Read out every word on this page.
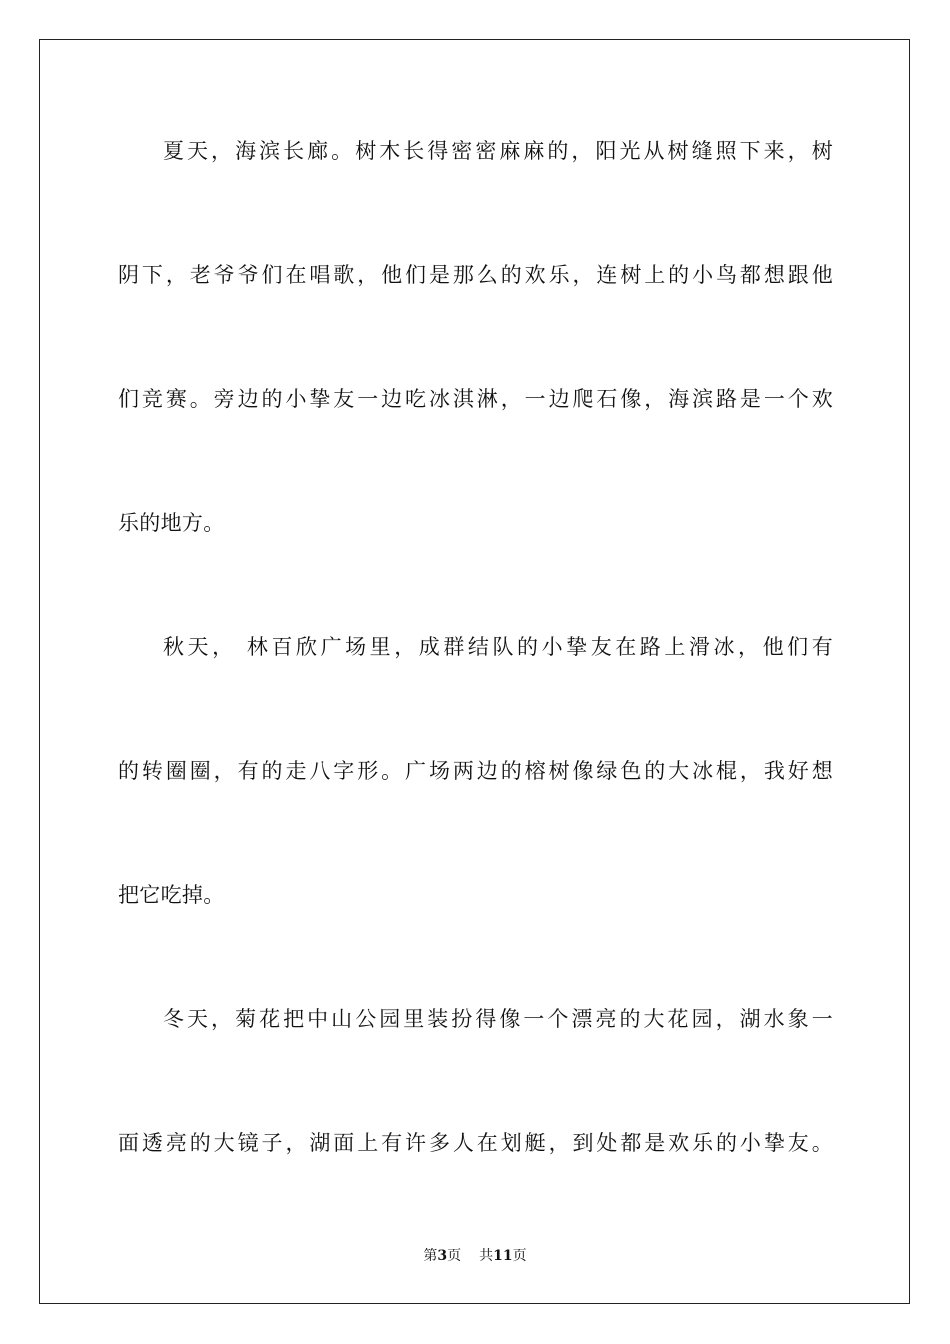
夏天，海滨长廊。树木长得密密麻麻的，阳光从树缝照下来，树
阴下，老爷爷们在唱歌，他们是那么的欢乐，连树上的小鸟都想跟他
们竞赛。旁边的小挚友一边吃冰淇淋，一边爬石像，海滨路是一个欢
乐的地方。
秋天， 林百欣广场里，成群结队的小挚友在路上滑冰，他们有
的转圈圈，有的走八字形。广场两边的榕树像绿色的大冰棍，我好想
把它吃掉。
冬天，菊花把中山公园里装扮得像一个漂亮的大花园，湖水象一
面透亮的大镜子，湖面上有许多人在划艇，到处都是欢乐的小挚友。
第3页 共11页
